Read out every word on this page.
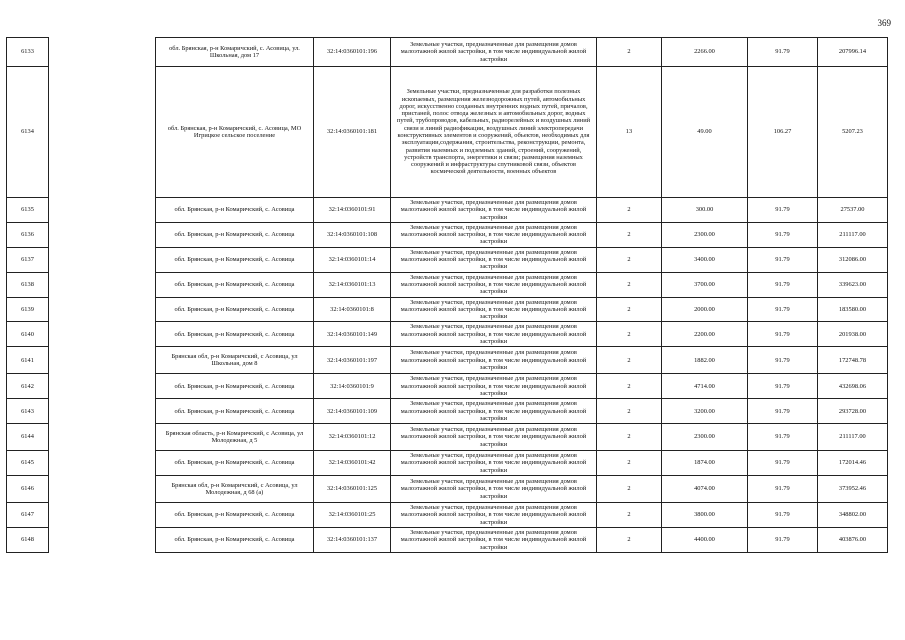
369
6133		обл. Брянская, р-н Комаричский, с. Асовица, ул. Школьная, дом 17	32:14:0360101:196	Земельные участки, предназначенные для размещения домов малоэтажной жилой застройки, в том числе индивидуальной жилой застройки	2	2266.00	91.79	207996.14
6134		обл. Брянская, р-н Комаричский, с. Асовица, МО Игрицкое сельское поселение	32:14:0360101:181	Земельные участки, предназначенные для разработки полезных ископаемых, размещения железнодорожных путей, автомобильных дорог, искусственно созданных внутренних водных путей, причалов, пристаней, полос отвода железных и автомобильных дорог, водных путей, трубопроводов, кабельных, радиорелейных и воздушных линий связи и линий радиофикации, воздушных линий электропередачи конструктивных элементов и сооружений, объектов, необходимых для эксплуатации,содержания, строительства, реконструкции, ремонта, развития наземных и подземных зданий, строений, сооружений, устройств транспорта, энергетики и связи; размещения наземных сооружений и инфраструктуры спутниковой связи, объектов космической деятельности, военных объектов	13	49.00	106.27	5207.23
6135		обл. Брянская, р-н Комаричский, с. Асовица	32:14:0360101:91	Земельные участки, предназначенные для размещения домов малоэтажной жилой застройки, в том числе индивидуальной жилой застройки	2	300.00	91.79	27537.00
6136		обл. Брянская, р-н Комаричский, с. Асовица	32:14:0360101:108	Земельные участки, предназначенные для размещения домов малоэтажной жилой застройки, в том числе индивидуальной жилой застройки	2	2300.00	91.79	211117.00
6137		обл. Брянская, р-н Комаричский, с. Асовица	32:14:0360101:14	Земельные участки, предназначенные для размещения домов малоэтажной жилой застройки, в том числе индивидуальной жилой застройки	2	3400.00	91.79	312086.00
6138		обл. Брянская, р-н Комаричский, с. Асовица	32:14:0360101:13	Земельные участки, предназначенные для размещения домов малоэтажной жилой застройки, в том числе индивидуальной жилой застройки	2	3700.00	91.79	339623.00
6139		обл. Брянская, р-н Комаричский, с. Асовица	32:14:0360101:8	Земельные участки, предназначенные для размещения домов малоэтажной жилой застройки, в том числе индивидуальной жилой застройки	2	2000.00	91.79	183580.00
6140		обл. Брянская, р-н Комаричский, с. Асовица	32:14:0360101:149	Земельные участки, предназначенные для размещения домов малоэтажной жилой застройки, в том числе индивидуальной жилой застройки	2	2200.00	91.79	201938.00
6141		Брянская обл, р-н Комаричский, с Асовица, ул Школьная, дом 8	32:14:0360101:197	Земельные участки, предназначенные для размещения домов малоэтажной жилой застройки, в том числе индивидуальной жилой застройки	2	1882.00	91.79	172748.78
6142		обл. Брянская, р-н Комаричский, с. Асовица	32:14:0360101:9	Земельные участки, предназначенные для размещения домов малоэтажной жилой застройки, в том числе индивидуальной жилой застройки	2	4714.00	91.79	432698.06
6143		обл. Брянская, р-н Комаричский, с. Асовица	32:14:0360101:109	Земельные участки, предназначенные для размещения домов малоэтажной жилой застройки, в том числе индивидуальной жилой застройки	2	3200.00	91.79	293728.00
6144		Брянская область, р-н Комаричский, с Асовица, ул Молодежная, д 5	32:14:0360101:12	Земельные участки, предназначенные для размещения домов малоэтажной жилой застройки, в том числе индивидуальной жилой застройки	2	2300.00	91.79	211117.00
6145		обл. Брянская, р-н Комаричский, с. Асовица	32:14:0360101:42	Земельные участки, предназначенные для размещения домов малоэтажной жилой застройки, в том числе индивидуальной жилой застройки	2	1874.00	91.79	172014.46
6146		Брянская обл, р-н Комаричский, с Асовица, ул Молодежная, д 68 (а)	32:14:0360101:125	Земельные участки, предназначенные для размещения домов малоэтажной жилой застройки, в том числе индивидуальной жилой застройки	2	4074.00	91.79	373952.46
6147		обл. Брянская, р-н Комаричский, с. Асовица	32:14:0360101:25	Земельные участки, предназначенные для размещения домов малоэтажной жилой застройки, в том числе индивидуальной жилой застройки	2	3800.00	91.79	348802.00
6148		обл. Брянская, р-н Комаричский, с. Асовица	32:14:0360101:137	Земельные участки, предназначенные для размещения домов малоэтажной жилой застройки, в том числе индивидуальной жилой застройки	2	4400.00	91.79	403876.00
